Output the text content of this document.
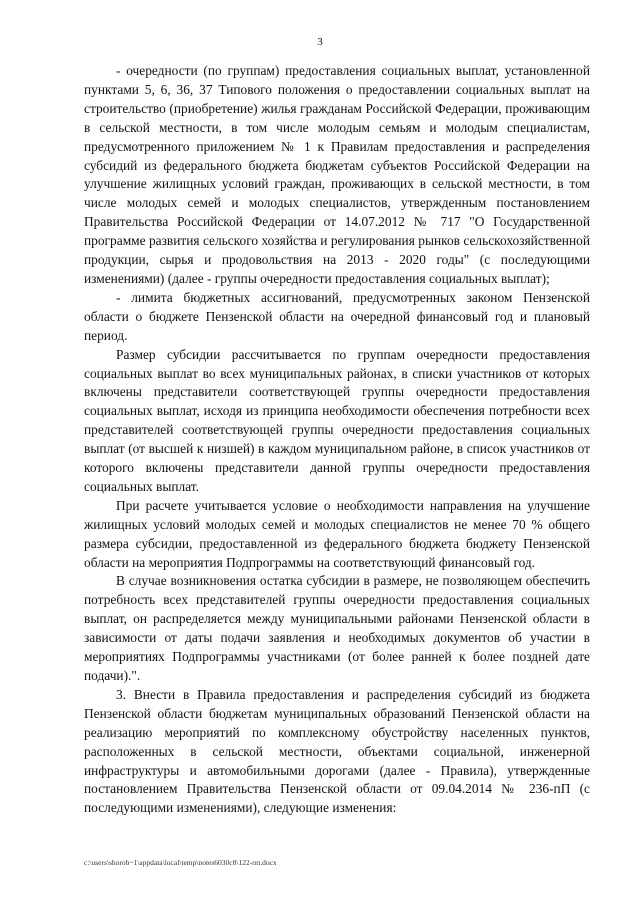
3

- очередности (по группам) предоставления социальных выплат, установленной пунктами 5, 6, 36, 37 Типового положения о предоставлении социальных выплат на строительство (приобретение) жилья гражданам Российской Федерации, проживающим в сельской местности, в том числе молодым семьям и молодым специалистам, предусмотренного приложением № 1 к Правилам предоставления и распределения субсидий из федерального бюджета бюджетам субъектов Российской Федерации на улучшение жилищных условий граждан, проживающих в сельской местности, в том числе молодых семей и молодых специалистов, утвержденным постановлением Правительства Российской Федерации от 14.07.2012 № 717 "О Государственной программе развития сельского хозяйства и регулирования рынков сельскохозяйственной продукции, сырья и продовольствия на 2013 - 2020 годы" (с последующими изменениями) (далее - группы очередности предоставления социальных выплат);

- лимита бюджетных ассигнований, предусмотренных законом Пензенской области о бюджете Пензенской области на очередной финансовый год и плановый период.

Размер субсидии рассчитывается по группам очередности предоставления социальных выплат во всех муниципальных районах, в списки участников от которых включены представители соответствующей группы очередности предоставления социальных выплат, исходя из принципа необходимости обеспечения потребности всех представителей соответствующей группы очередности предоставления социальных выплат (от высшей к низшей) в каждом муниципальном районе, в список участников от которого включены представители данной группы очередности предоставления социальных выплат.

При расчете учитывается условие о необходимости направления на улучшение жилищных условий молодых семей и молодых специалистов не менее 70 % общего размера субсидии, предоставленной из федерального бюджета бюджету Пензенской области на мероприятия Подпрограммы на соответствующий финансовый год.

В случае возникновения остатка субсидии в размере, не позволяющем обеспечить потребность всех представителей группы очередности предоставления социальных выплат, он распределяется между муниципальными районами Пензенской области в зависимости от даты подачи заявления и необходимых документов об участии в мероприятиях Подпрограммы участниками (от более ранней к более поздней дате подачи).".

3. Внести в Правила предоставления и распределения субсидий из бюджета Пензенской области бюджетам муниципальных образований Пензенской области на реализацию мероприятий по комплексному обустройству населенных пунктов, расположенных в сельской местности, объектами социальной, инженерной инфраструктуры и автомобильными дорогами (далее - Правила), утвержденные постановлением Правительства Пензенской области от 09.04.2014 № 236-пП (с последующими изменениями), следующие изменения:

c:\users\shorob~1\appdata\local\temp\notes6030c8\122-пп.docx
